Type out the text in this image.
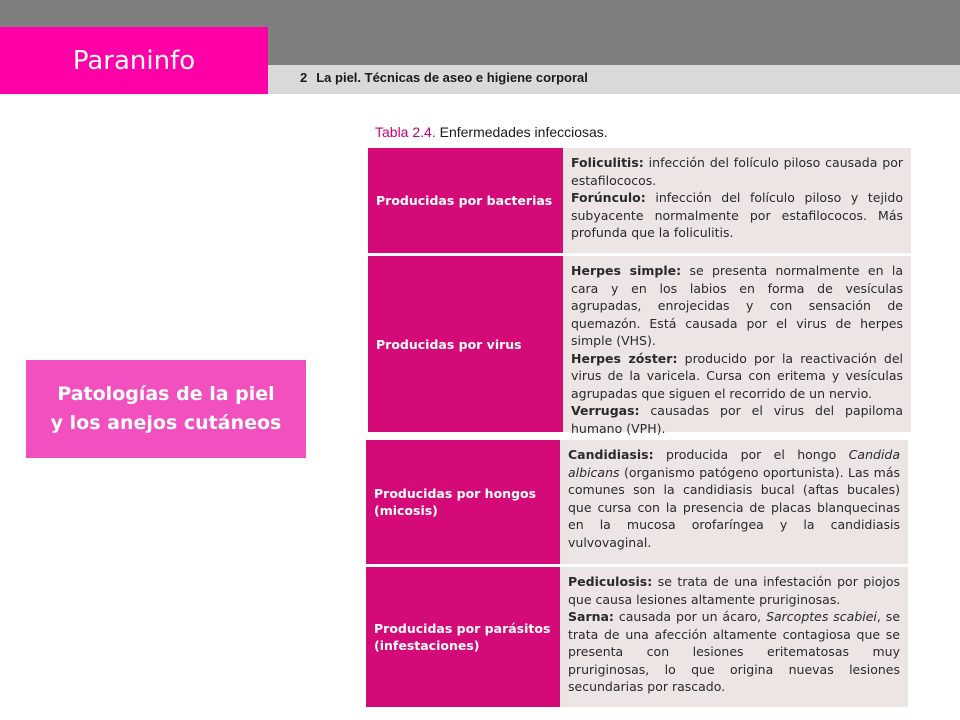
2 La piel. Técnicas de aseo e higiene corporal
Paraninfo
Patologías de la piel
y los anejos cutáneos
Tabla 2.4. Enfermedades infecciosas.
Producidas por bacterias
Foliculitis: infección del folículo piloso causada por estafilococos.
Forúnculo: infección del folículo piloso y tejido subyacente normalmente por estafilococos. Más profunda que la foliculitis.
Producidas por virus
Herpes simple: se presenta normalmente en la cara y en los labios en forma de vesículas agrupadas, enrojecidas y con sensación de quemazón. Está causada por el virus de herpes simple (VHS).
Herpes zóster: producido por la reactivación del virus de la varicela. Cursa con eritema y vesículas agrupadas que siguen el recorrido de un nervio.
Verrugas: causadas por el virus del papiloma humano (VPH).
Producidas por hongos
(micosis)
Candidiasis: producida por el hongo Candida albicans (organismo patógeno oportunista). Las más comunes son la candidiasis bucal (aftas bucales) que cursa con la presencia de placas blanquecinas en la mucosa orofaríngea y la candidiasis vulvovaginal.
Producidas por parásitos
(infestaciones)
Pediculosis: se trata de una infestación por piojos que causa lesiones altamente pruriginosas.
Sarna: causada por un ácaro, Sarcoptes scabiei, se trata de una afección altamente contagiosa que se presenta con lesiones eritematosas muy pruriginosas, lo que origina nuevas lesiones secundarias por rascado.
